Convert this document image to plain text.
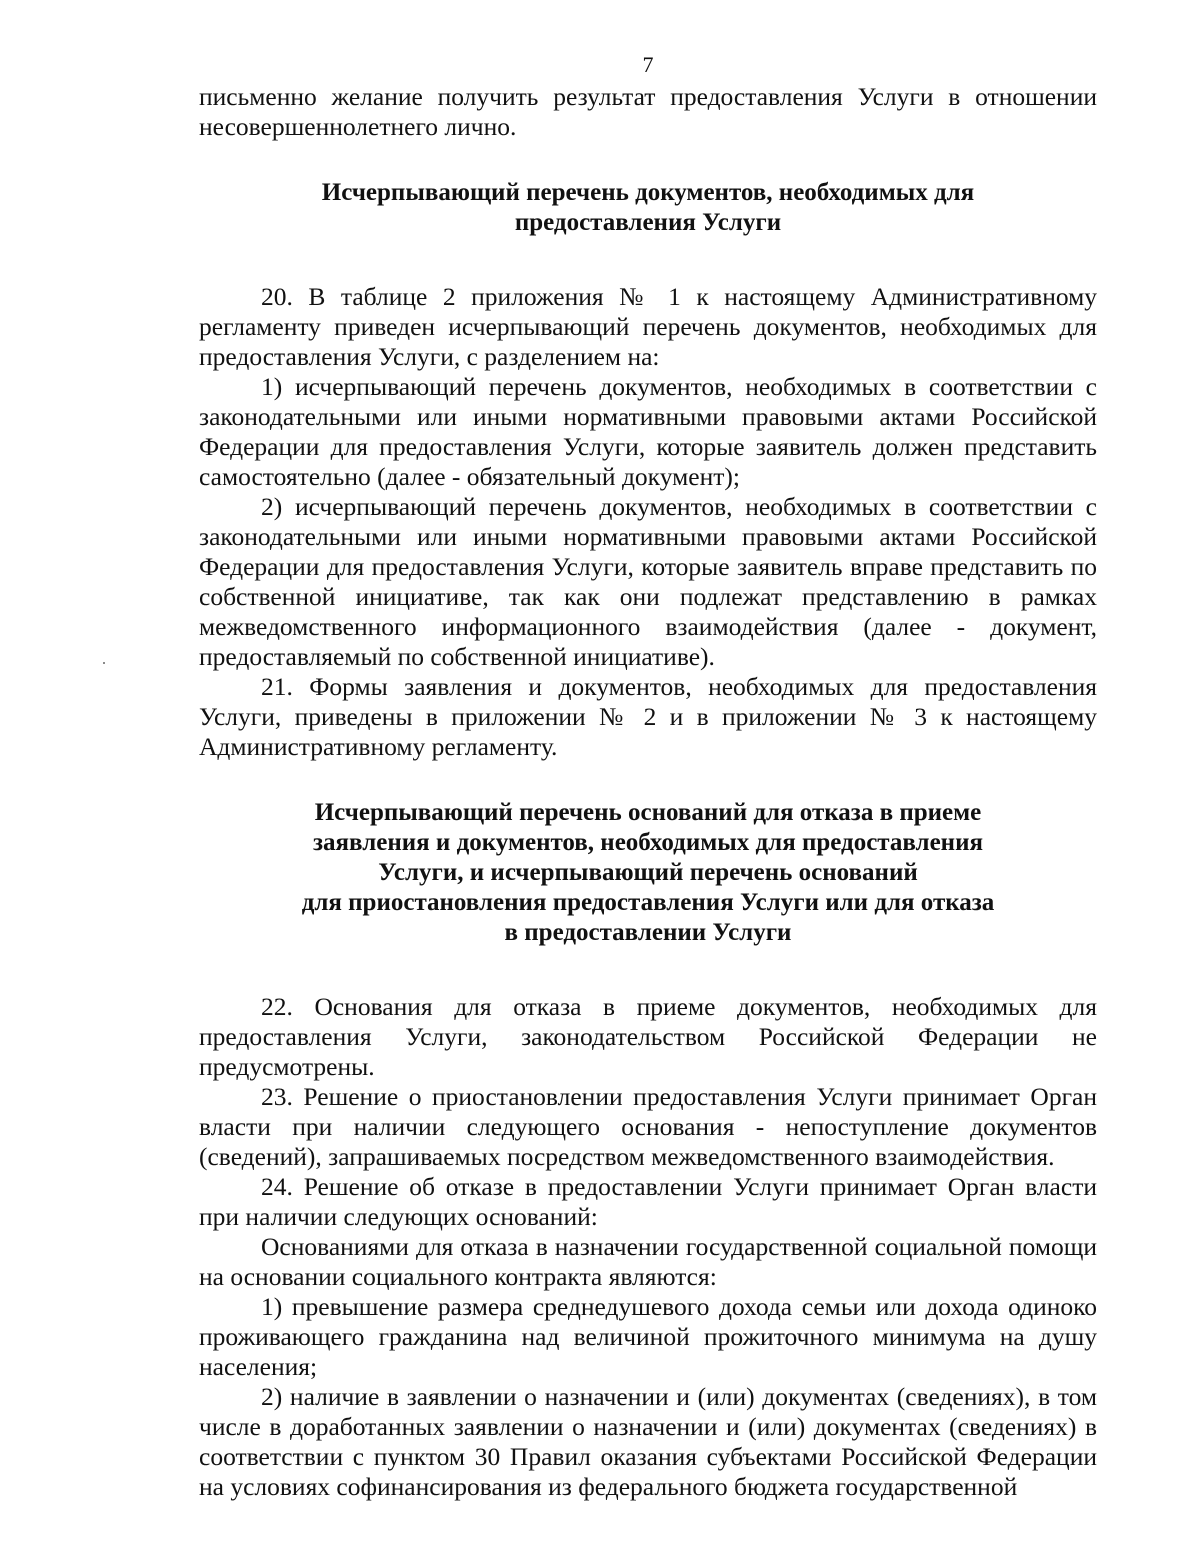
7

письменно желание получить результат предоставления Услуги в отношении несовершеннолетнего лично.

Исчерпывающий перечень документов, необходимых для
предоставления Услуги

20. В таблице 2 приложения № 1 к настоящему Административному регламенту приведен исчерпывающий перечень документов, необходимых для предоставления Услуги, с разделением на:

1) исчерпывающий перечень документов, необходимых в соответствии с законодательными или иными нормативными правовыми актами Российской Федерации для предоставления Услуги, которые заявитель должен представить самостоятельно (далее - обязательный документ);

2) исчерпывающий перечень документов, необходимых в соответствии с законодательными или иными нормативными правовыми актами Российской Федерации для предоставления Услуги, которые заявитель вправе представить по собственной инициативе, так как они подлежат представлению в рамках межведомственного информационного взаимодействия (далее - документ, предоставляемый по собственной инициативе).

21. Формы заявления и документов, необходимых для предоставления Услуги, приведены в приложении № 2 и в приложении № 3 к настоящему Административному регламенту.

Исчерпывающий перечень оснований для отказа в приеме
заявления и документов, необходимых для предоставления
Услуги, и исчерпывающий перечень оснований
для приостановления предоставления Услуги или для отказа
в предоставлении Услуги

22. Основания для отказа в приеме документов, необходимых для предоставления Услуги, законодательством Российской Федерации не предусмотрены.

23. Решение о приостановлении предоставления Услуги принимает Орган власти при наличии следующего основания - непоступление документов (сведений), запрашиваемых посредством межведомственного взаимодействия.

24. Решение об отказе в предоставлении Услуги принимает Орган власти при наличии следующих оснований:

Основаниями для отказа в назначении государственной социальной помощи на основании социального контракта являются:

1) превышение размера среднедушевого дохода семьи или дохода одиноко проживающего гражданина над величиной прожиточного минимума на душу населения;

2) наличие в заявлении о назначении и (или) документах (сведениях), в том числе в доработанных заявлении о назначении и (или) документах (сведениях) в соответствии с пунктом 30 Правил оказания субъектами Российской Федерации на условиях софинансирования из федерального бюджета государственной
